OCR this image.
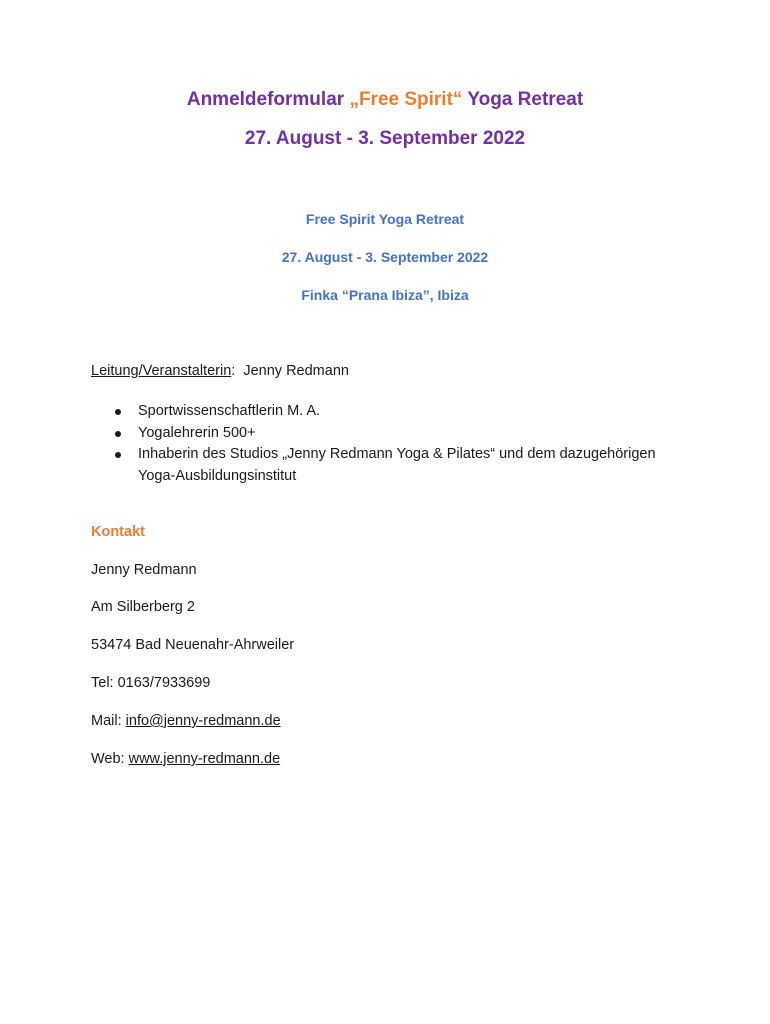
Anmeldeformular „Free Spirit“ Yoga Retreat
27. August - 3. September 2022
Free Spirit Yoga Retreat
27. August - 3. September 2022
Finka “Prana Ibiza”, Ibiza
Leitung/Veranstalterin:  Jenny Redmann
Sportwissenschaftlerin M. A.
Yogalehrerin 500+
Inhaberin des Studios „Jenny Redmann Yoga & Pilates“ und dem dazugehörigen Yoga-Ausbildungsinstitut
Kontakt
Jenny Redmann
Am Silberberg 2
53474 Bad Neuenahr-Ahrweiler
Tel: 0163/7933699
Mail: info@jenny-redmann.de
Web: www.jenny-redmann.de
